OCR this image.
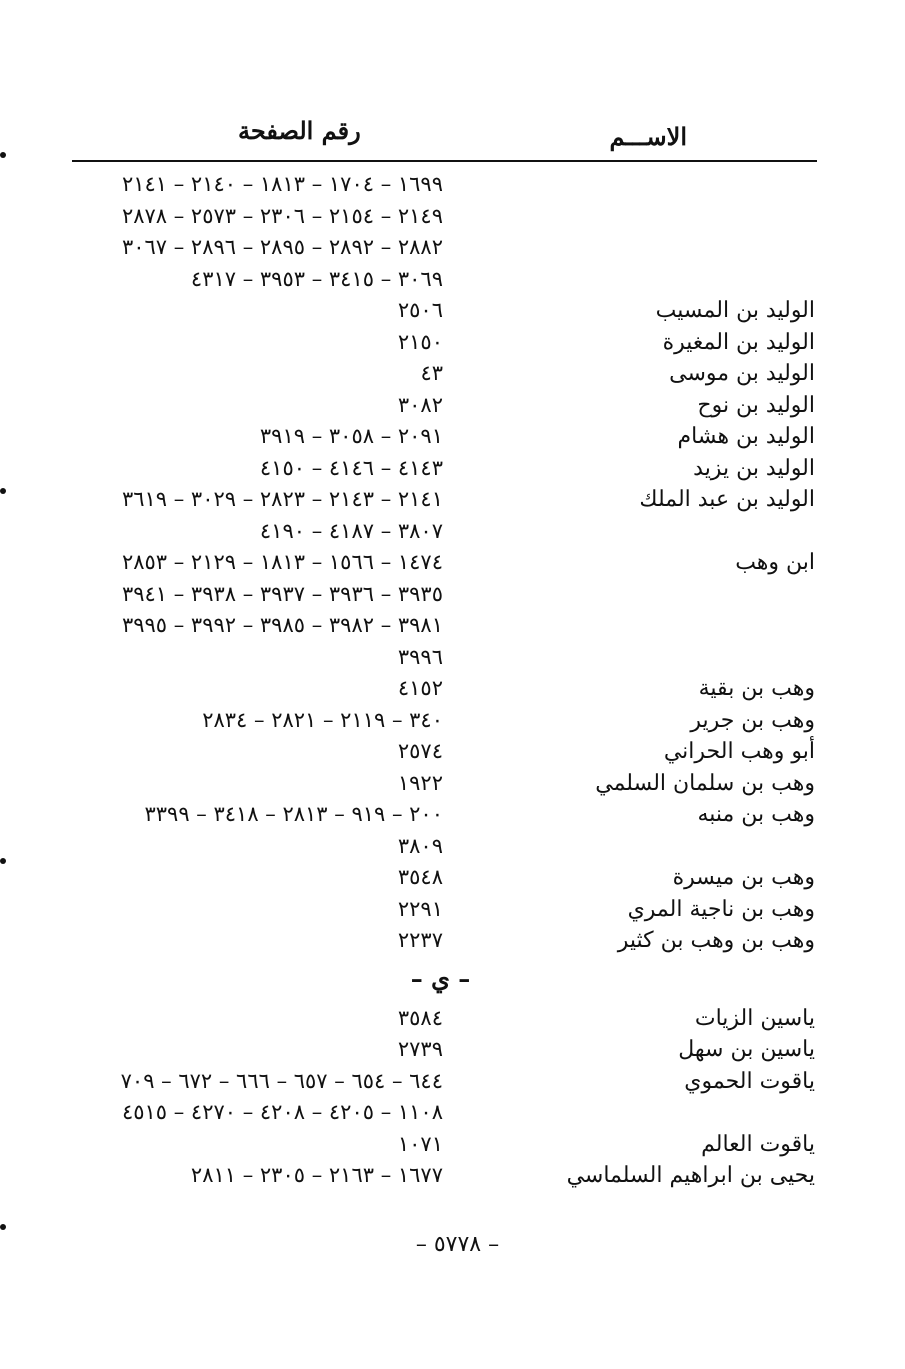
الاســـم
رقم الصفحة
١٦٩٩ – ١٧٠٤ – ١٨١٣ – ٢١٤٠ – ٢١٤١
٢١٤٩ – ٢١٥٤ – ٢٣٠٦ – ٢٥٧٣ – ٢٨٧٨
٢٨٨٢ – ٢٨٩٢ – ٢٨٩٥ – ٢٨٩٦ – ٣٠٦٧
٣٠٦٩ – ٣٤١٥ – ٣٩٥٣ – ٤٣١٧
الوليد بن المسيب
٢٥٠٦
الوليد بن المغيرة
٢١٥٠
الوليد بن موسى
٤٣
الوليد بن نوح
٣٠٨٢
الوليد بن هشام
٢٠٩١ – ٣٠٥٨ – ٣٩١٩
الوليد بن يزيد
٤١٤٣ – ٤١٤٦ – ٤١٥٠
الوليد بن عبد الملك
٢١٤١ – ٢١٤٣ – ٢٨٢٣ – ٣٠٢٩ – ٣٦١٩
٣٨٠٧ – ٤١٨٧ – ٤١٩٠
ابن وهب
١٤٧٤ – ١٥٦٦ – ١٨١٣ – ٢١٢٩ – ٢٨٥٣
٣٩٣٥ – ٣٩٣٦ – ٣٩٣٧ – ٣٩٣٨ – ٣٩٤١
٣٩٨١ – ٣٩٨٢ – ٣٩٨٥ – ٣٩٩٢ – ٣٩٩٥
٣٩٩٦
وهب بن بقية
٤١٥٢
وهب بن جرير
٣٤٠ – ٢١١٩ – ٢٨٢١ – ٢٨٣٤
أبو وهب الحراني
٢٥٧٤
وهب بن سلمان السلمي
١٩٢٢
وهب بن منبه
٢٠٠ – ٩١٩ – ٢٨١٣ – ٣٤١٨ – ٣٣٩٩
٣٨٠٩
وهب بن ميسرة
٣٥٤٨
وهب بن ناجية المري
٢٢٩١
وهب بن وهب بن كثير
٢٢٣٧
– ي –
ياسين الزيات
٣٥٨٤
ياسين بن سهل
٢٧٣٩
ياقوت الحموي
٦٤٤ – ٦٥٤ – ٦٥٧ – ٦٦٦ – ٦٧٢ – ٧٠٩
١١٠٨ – ٤٢٠٥ – ٤٢٠٨ – ٤٢٧٠ – ٤٥١٥
ياقوت العالم
١٠٧١
يحيى بن ابراهيم السلماسي
١٦٧٧ – ٢١٦٣ – ٢٣٠٥ – ٢٨١١
– ٥٧٧٨ –
